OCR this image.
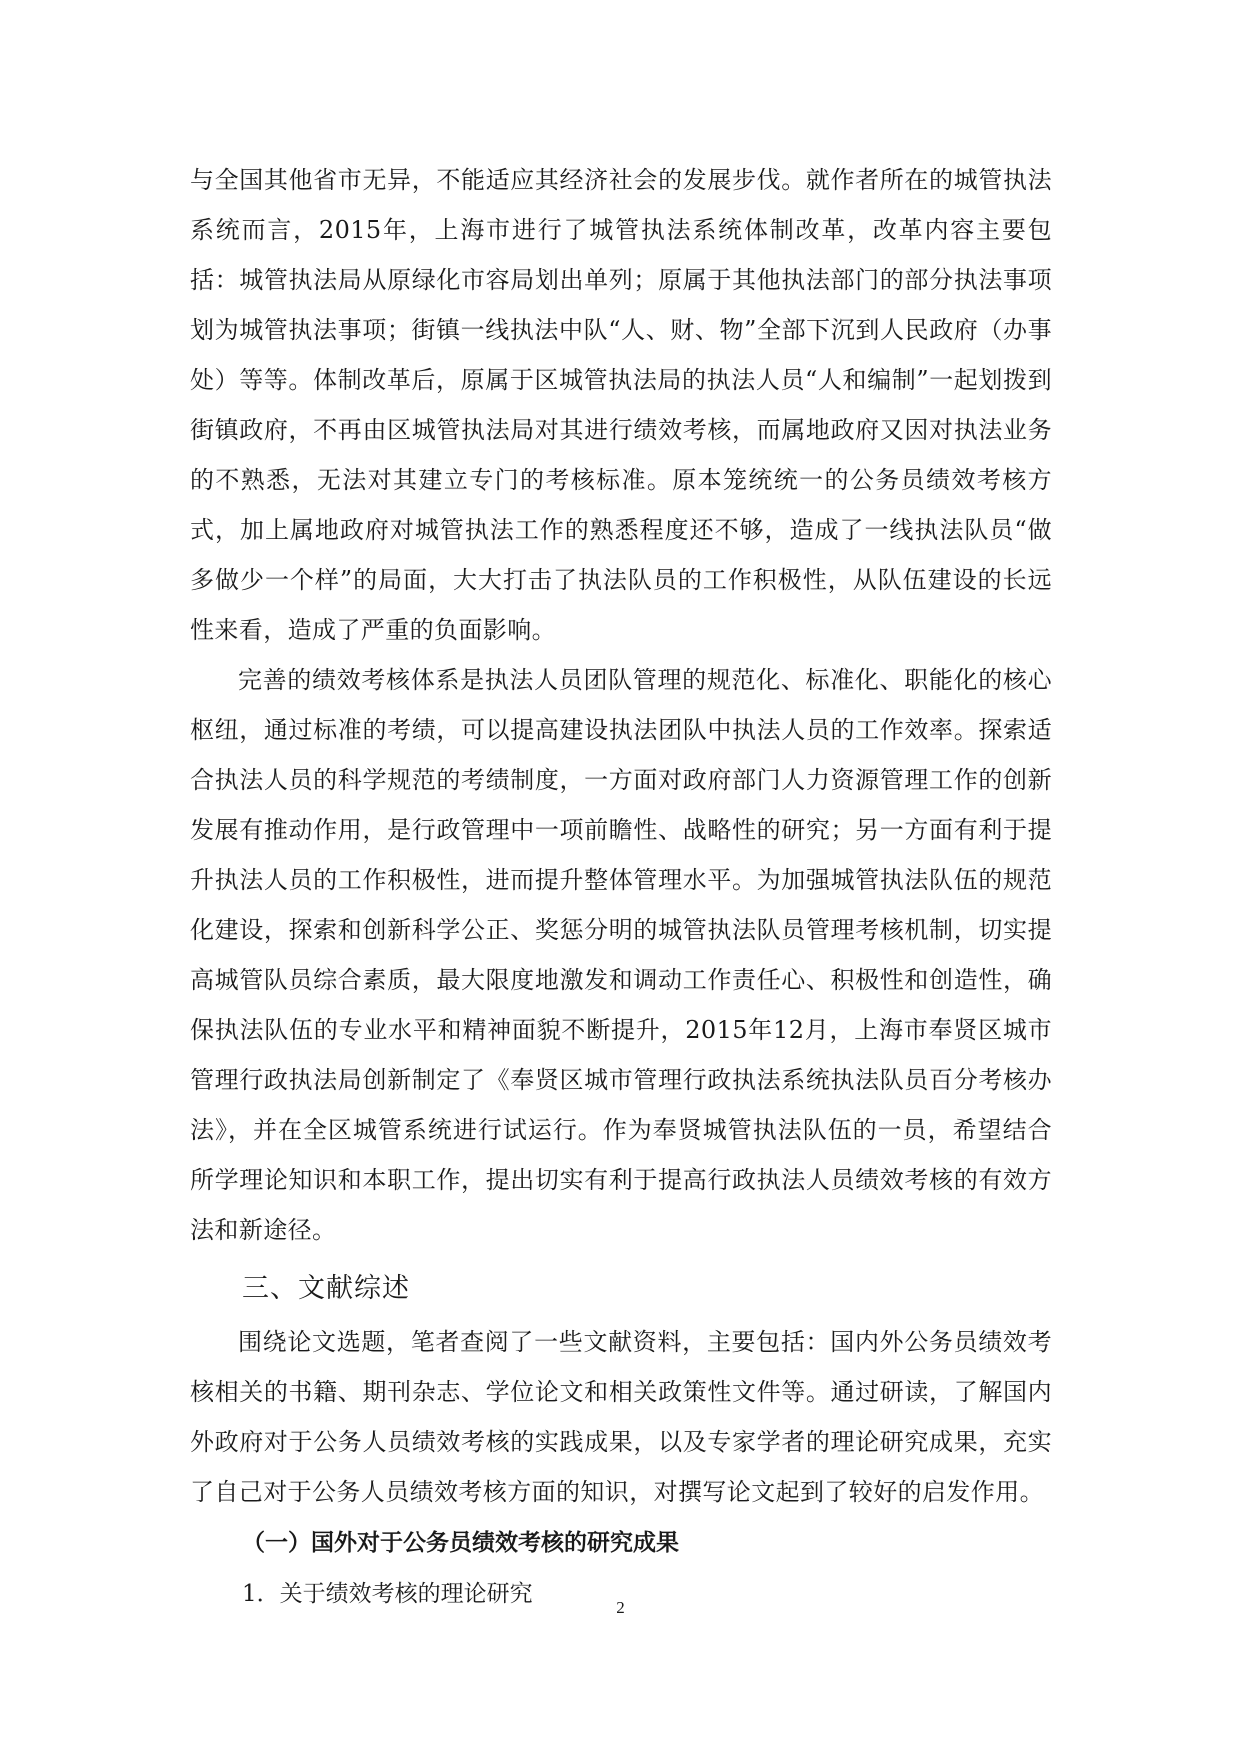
与全国其他省市无异，不能适应其经济社会的发展步伐。就作者所在的城管执法系统而言，2015年，上海市进行了城管执法系统体制改革，改革内容主要包括：城管执法局从原绿化市容局划出单列；原属于其他执法部门的部分执法事项划为城管执法事项；街镇一线执法中队“人、财、物”全部下沉到人民政府（办事处）等等。体制改革后，原属于区城管执法局的执法人员“人和编制”一起划拨到街镇政府，不再由区城管执法局对其进行绩效考核，而属地政府又因对执法业务的不熟悉，无法对其建立专门的考核标准。原本笼统统一的公务员绩效考核方式，加上属地政府对城管执法工作的熟悉程度还不够，造成了一线执法队员“做多做少一个样”的局面，大大打击了执法队员的工作积极性，从队伍建设的长远性来看，造成了严重的负面影响。

完善的绩效考核体系是执法人员团队管理的规范化、标准化、职能化的核心枢纽，通过标准的考绩，可以提高建设执法团队中执法人员的工作效率。探索适合执法人员的科学规范的考绩制度，一方面对政府部门人力资源管理工作的创新发展有推动作用，是行政管理中一项前瞻性、战略性的研究；另一方面有利于提升执法人员的工作积极性，进而提升整体管理水平。为加强城管执法队伍的规范化建设，探索和创新科学公正、奖惩分明的城管执法队员管理考核机制，切实提高城管队员综合素质，最大限度地激发和调动工作责任心、积极性和创造性，确保执法队伍的专业水平和精神面貌不断提升，2015年12月，上海市奉贤区城市管理行政执法局创新制定了《奉贤区城市管理行政执法系统执法队员百分考核办法》，并在全区城管系统进行试运行。作为奉贤城管执法队伍的一员，希望结合所学理论知识和本职工作，提出切实有利于提高行政执法人员绩效考核的有效方法和新途径。

三、文献综述

围绕论文选题，笔者查阅了一些文献资料，主要包括：国内外公务员绩效考核相关的书籍、期刊杂志、学位论文和相关政策性文件等。通过研读，了解国内外政府对于公务人员绩效考核的实践成果，以及专家学者的理论研究成果，充实了自己对于公务人员绩效考核方面的知识，对撰写论文起到了较好的启发作用。

（一）国外对于公务员绩效考核的研究成果

1．关于绩效考核的理论研究

2
